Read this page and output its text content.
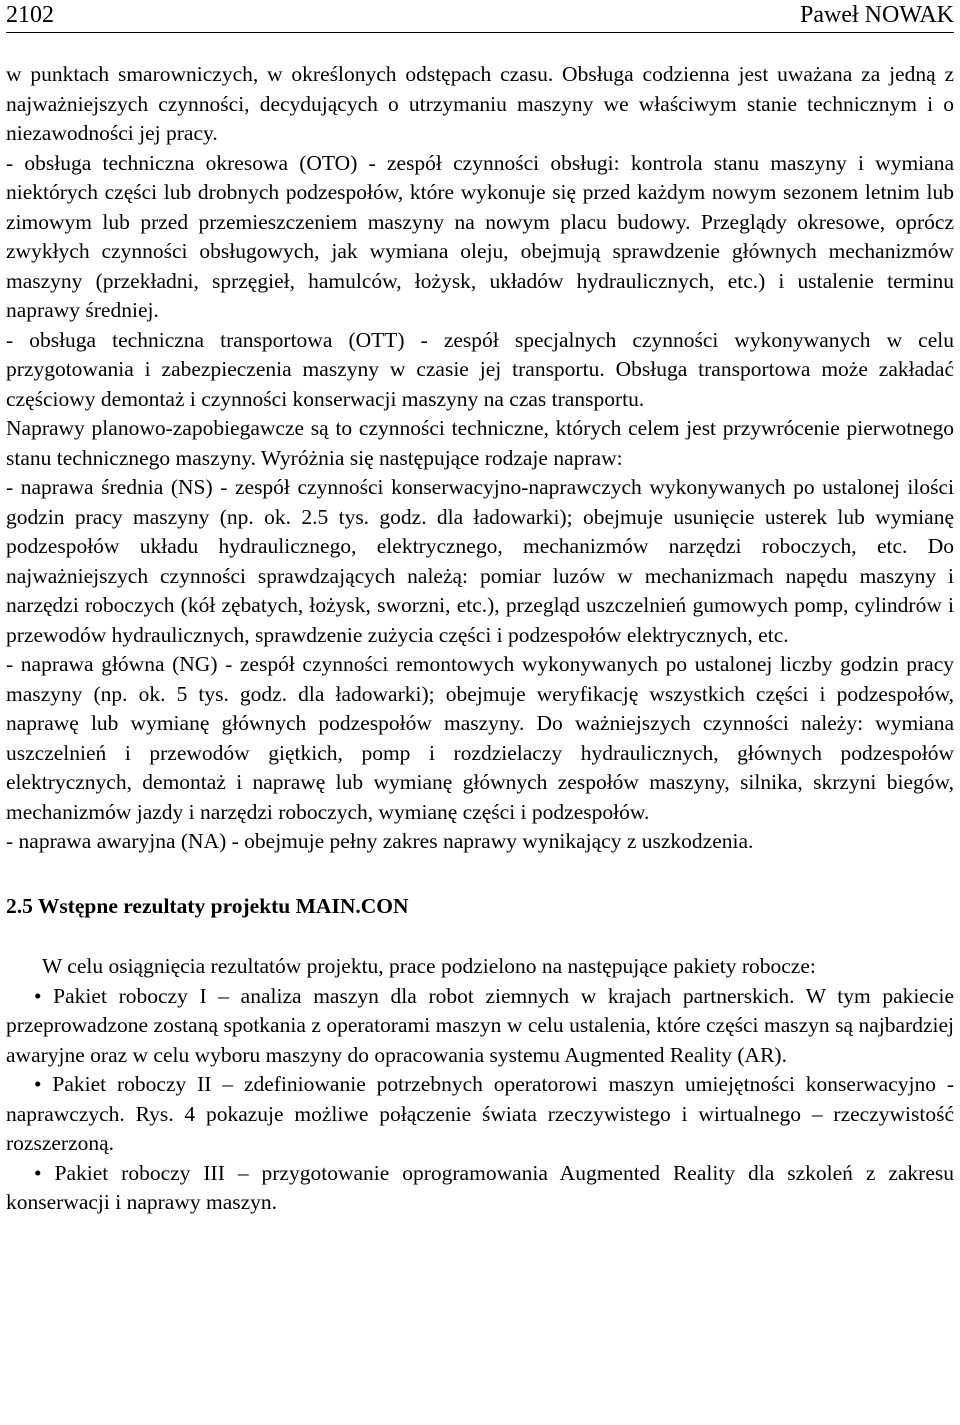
2102	Paweł NOWAK

w punktach smarowniczych, w określonych odstępach czasu. Obsługa codzienna jest uważana za jedną z najważniejszych czynności, decydujących o utrzymaniu maszyny we właściwym stanie technicznym i o niezawodności jej pracy.

- obsługa techniczna okresowa (OTO) - zespół czynności obsługi: kontrola stanu maszyny i wymiana niektórych części lub drobnych podzespołów, które wykonuje się przed każdym nowym sezonem letnim lub zimowym lub przed przemieszczeniem maszyny na nowym placu budowy. Przeglądy okresowe, oprócz zwykłych czynności obsługowych, jak wymiana oleju, obejmują sprawdzenie głównych mechanizmów maszyny (przekładni, sprzęgieł, hamulców, łożysk, układów hydraulicznych, etc.) i ustalenie terminu naprawy średniej.

- obsługa techniczna transportowa (OTT) - zespół specjalnych czynności wykonywanych w celu przygotowania i zabezpieczenia maszyny w czasie jej transportu. Obsługa transportowa może zakładać częściowy demontaż i czynności konserwacji maszyny na czas transportu.

Naprawy planowo-zapobiegawcze są to czynności techniczne, których celem jest przywrócenie pierwotnego stanu technicznego maszyny. Wyróżnia się następujące rodzaje napraw:

- naprawa średnia (NS) - zespół czynności konserwacyjno-naprawczych wykonywanych po ustalonej ilości godzin pracy maszyny (np. ok. 2.5 tys. godz. dla ładowarki); obejmuje usunięcie usterek lub wymianę podzespołów układu hydraulicznego, elektrycznego, mechanizmów narzędzi roboczych, etc. Do najważniejszych czynności sprawdzających należą: pomiar luzów w mechanizmach napędu maszyny i narzędzi roboczych (kół zębatych, łożysk, sworzni, etc.), przegląd uszczelnień gumowych pomp, cylindrów i przewodów hydraulicznych, sprawdzenie zużycia części i podzespołów elektrycznych, etc.

- naprawa główna (NG) - zespół czynności remontowych wykonywanych po ustalonej liczby godzin pracy maszyny (np. ok. 5 tys. godz. dla ładowarki); obejmuje weryfikację wszystkich części i podzespołów, naprawę lub wymianę głównych podzespołów maszyny. Do ważniejszych czynności należy: wymiana uszczelnień i przewodów giętkich, pomp i rozdzielaczy hydraulicznych, głównych podzespołów elektrycznych, demontaż i naprawę lub wymianę głównych zespołów maszyny, silnika, skrzyni biegów, mechanizmów jazdy i narzędzi roboczych, wymianę części i podzespołów.

- naprawa awaryjna (NA) - obejmuje pełny zakres naprawy wynikający z uszkodzenia.

2.5 Wstępne rezultaty projektu MAIN.CON

W celu osiągnięcia rezultatów projektu, prace podzielono na następujące pakiety robocze:

• Pakiet roboczy I – analiza maszyn dla robot ziemnych w krajach partnerskich. W tym pakiecie przeprowadzone zostaną spotkania z operatorami maszyn w celu ustalenia, które części maszyn są najbardziej awaryjne oraz w celu wyboru maszyny do opracowania systemu Augmented Reality (AR).

• Pakiet roboczy II – zdefiniowanie potrzebnych operatorowi maszyn umiejętności konserwacyjno - naprawczych. Rys. 4 pokazuje możliwe połączenie świata rzeczywistego i wirtualnego – rzeczywistość rozszerzoną.

• Pakiet roboczy III – przygotowanie oprogramowania Augmented Reality dla szkoleń z zakresu konserwacji i naprawy maszyn.
